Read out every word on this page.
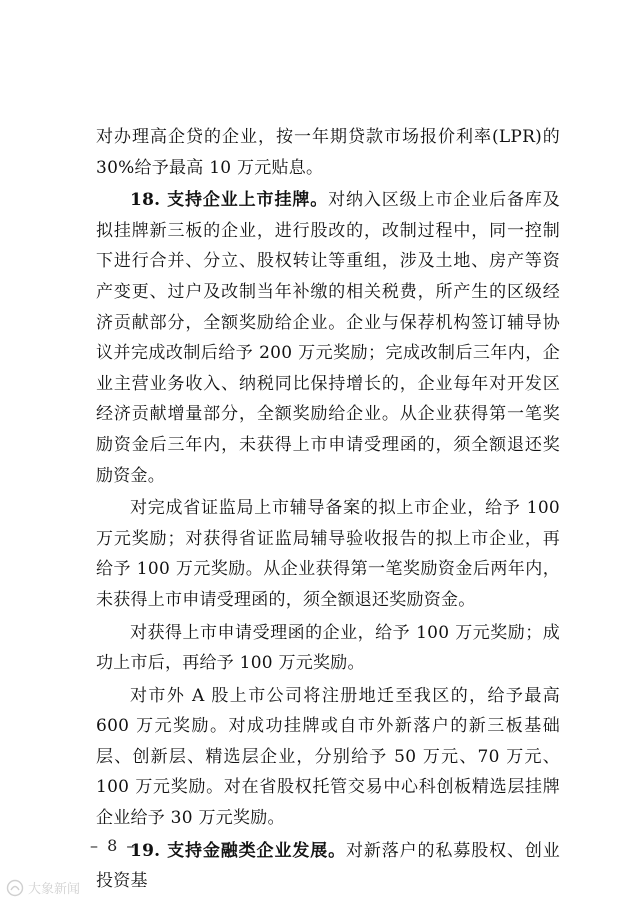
对办理高企贷的企业，按一年期贷款市场报价利率(LPR)的 30%给予最高 10 万元贴息。

18. 支持企业上市挂牌。对纳入区级上市企业后备库及拟挂牌新三板的企业，进行股改的，改制过程中，同一控制下进行合并、分立、股权转让等重组，涉及土地、房产等资产变更、过户及改制当年补缴的相关税费，所产生的区级经济贡献部分，全额奖励给企业。企业与保荐机构签订辅导协议并完成改制后给予 200 万元奖励；完成改制后三年内，企业主营业务收入、纳税同比保持增长的，企业每年对开发区经济贡献增量部分，全额奖励给企业。从企业获得第一笔奖励资金后三年内，未获得上市申请受理函的，须全额退还奖励资金。

对完成省证监局上市辅导备案的拟上市企业，给予 100 万元奖励；对获得省证监局辅导验收报告的拟上市企业，再给予 100 万元奖励。从企业获得第一笔奖励资金后两年内，未获得上市申请受理函的，须全额退还奖励资金。

对获得上市申请受理函的企业，给予 100 万元奖励；成功上市后，再给予 100 万元奖励。

对市外 A 股上市公司将注册地迁至我区的，给予最高 600 万元奖励。对成功挂牌或自市外新落户的新三板基础层、创新层、精选层企业，分别给予 50 万元、70 万元、100 万元奖励。对在省股权托管交易中心科创板精选层挂牌企业给予 30 万元奖励。

19. 支持金融类企业发展。对新落户的私募股权、创业投资基

– 8 –
大象新闻
